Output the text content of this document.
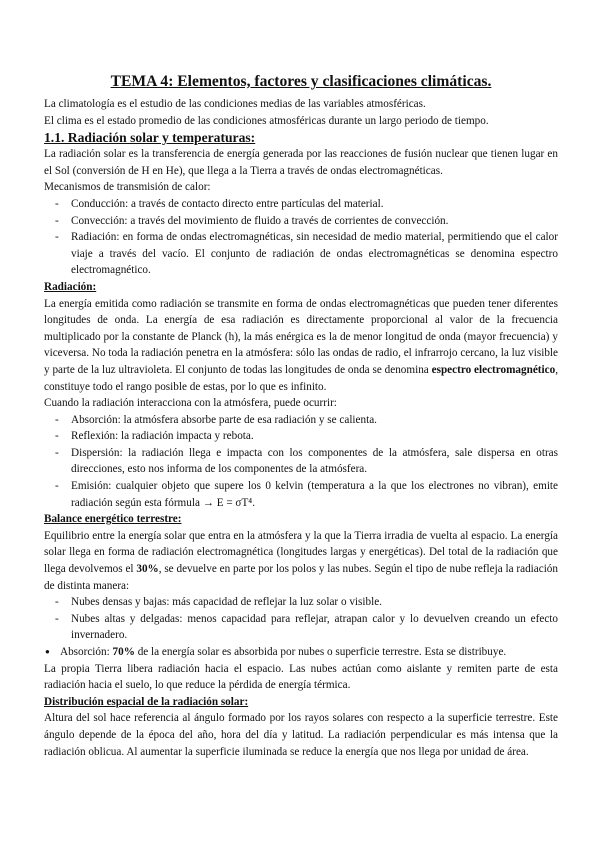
TEMA 4: Elementos, factores y clasificaciones climáticas.

La climatología es el estudio de las condiciones medias de las variables atmosféricas.

El clima es el estado promedio de las condiciones atmosféricas durante un largo periodo de tiempo.

1.1. Radiación solar y temperaturas:

La radiación solar es la transferencia de energía generada por las reacciones de fusión nuclear que tienen lugar en el Sol (conversión de H en He), que llega a la Tierra a través de ondas electromagnéticas.

Mecanismos de transmisión de calor:

- Conducción: a través de contacto directo entre partículas del material.
- Convección: a través del movimiento de fluido a través de corrientes de convección.
- Radiación: en forma de ondas electromagnéticas, sin necesidad de medio material, permitiendo que el calor viaje a través del vacío. El conjunto de radiación de ondas electromagnéticas se denomina espectro electromagnético.
Radiación:

La energía emitida como radiación se transmite en forma de ondas electromagnéticas que pueden tener diferentes longitudes de onda. La energía de esa radiación es directamente proporcional al valor de la frecuencia multiplicado por la constante de Planck (h), la más enérgica es la de menor longitud de onda (mayor frecuencia) y viceversa. No toda la radiación penetra en la atmósfera: sólo las ondas de radio, el infrarrojo cercano, la luz visible y parte de la luz ultravioleta. El conjunto de todas las longitudes de onda se denomina espectro electromagnético, constituye todo el rango posible de estas, por lo que es infinito.

Cuando la radiación interacciona con la atmósfera, puede ocurrir:

- Absorción: la atmósfera absorbe parte de esa radiación y se calienta.
- Reflexión: la radiación impacta y rebota.
- Dispersión: la radiación llega e impacta con los componentes de la atmósfera, sale dispersa en otras direcciones, esto nos informa de los componentes de la atmósfera.
- Emisión: cualquier objeto que supere los 0 kelvin (temperatura a la que los electrones no vibran), emite radiación según esta fórmula → E = σT⁴.
Balance energético terrestre:

Equilibrio entre la energía solar que entra en la atmósfera y la que la Tierra irradia de vuelta al espacio. La energía solar llega en forma de radiación electromagnética (longitudes largas y energéticas). Del total de la radiación que llega devolvemos el 30%, se devuelve en parte por los polos y las nubes. Según el tipo de nube refleja la radiación de distinta manera:

- Nubes densas y bajas: más capacidad de reflejar la luz solar o visible.
- Nubes altas y delgadas: menos capacidad para reflejar, atrapan calor y lo devuelven creando un efecto invernadero.
● Absorción: 70% de la energía solar es absorbida por nubes o superficie terrestre. Esta se distribuye.

La propia Tierra libera radiación hacia el espacio. Las nubes actúan como aislante y remiten parte de esta radiación hacia el suelo, lo que reduce la pérdida de energía térmica.

Distribución espacial de la radiación solar:

Altura del sol hace referencia al ángulo formado por los rayos solares con respecto a la superficie terrestre. Este ángulo depende de la época del año, hora del día y latitud. La radiación perpendicular es más intensa que la radiación oblicua. Al aumentar la superficie iluminada se reduce la energía que nos llega por unidad de área.
